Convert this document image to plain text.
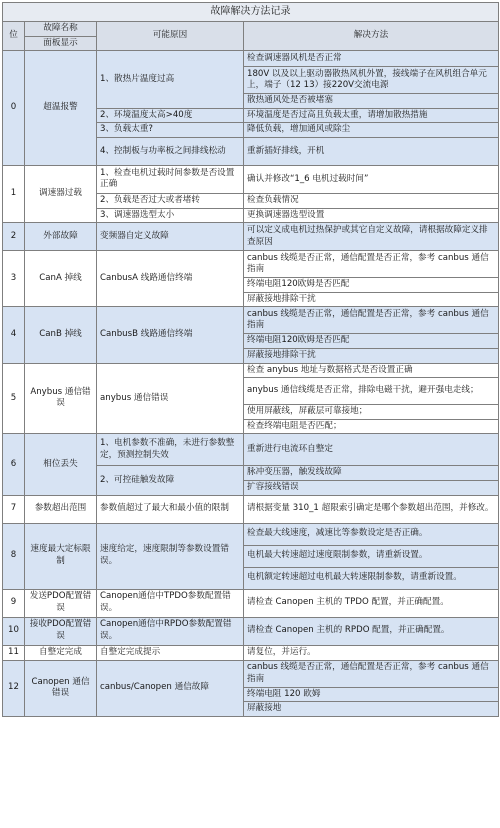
故障解决方法记录			
位	故障名称	可能原因	解决方法
	面板显示		
0	超温报警	1、散热片温度过高	检查调速器风机是否正常
			180V 以及以上驱动器散热风机外置，接线端子在风机组合单元上，端子（12 13）接220V交流电源
			散热通风处是否被堵塞
		2、环境温度太高>40度	环境温度是否过高且负载太重，请增加散热措施
		3、负载太重?	降低负载，增加通风或除尘
		4、控制板与功率板之间排线松动	重新插好排线，开机
1	调速器过载	1、检查电机过载时间参数是否设置正确	确认并修改“1_6 电机过载时间”
		2、负载是否过大或者堵转	检查负载情况
		3、调速器选型太小	更换调速器选型设置
2	外部故障	变频器自定义故障	可以定义成电机过热保护或其它自定义故障，请根据故障定义排查原因
3	CanA 掉线	CanbusA 线路通信终端	canbus 线缆是否正常，通信配置是否正常，参考 canbus 通信指南
			终端电阻120欧姆是否匹配
			屏蔽接地排除干扰
4	CanB 掉线	CanbusB 线路通信终端	canbus 线缆是否正常，通信配置是否正常，参考 canbus 通信指南
			终端电阻120欧姆是否匹配
			屏蔽接地排除干扰
5	Anybus 通信错误	anybus 通信错误	检查 anybus 地址与数据格式是否设置正确
			anybus 通信线缆是否正常，排除电磁干扰，避开强电走线；
			使用屏蔽线，屏蔽层可靠接地；
			检查终端电阻是否匹配；
6	相位丢失	1、电机参数不准确，未进行参数整定，预测控制失效	重新进行电流环自整定
		2、可控硅触发故障	脉冲变压器，触发线故障
			扩容接线错误
7	参数超出范围	参数值超过了最大和最小值的限制	请根据变量 310_1 超限索引确定是哪个参数超出范围，并修改。
8	速度最大定标限制	速度给定，速度限制等参数设置错误。	检查最大线速度，减速比等参数设定是否正确。
			电机最大转速超过速度限制参数，请重新设置。
			电机额定转速超过电机最大转速限制参数，请重新设置。
9	发送PDO配置错误	Canopen通信中TPDO参数配置错误。	请检查 Canopen 主机的 TPDO 配置，并正确配置。
10	接收PDO配置错误	Canopen通信中RPDO参数配置错误。	请检查 Canopen 主机的 RPDO 配置，并正确配置。
11	自整定完成	自整定完成提示	请复位，并运行。
12	Canopen 通信错误	canbus/Canopen 通信故障	canbus 线缆是否正常，通信配置是否正常，参考 canbus 通信指南
			终端电阻 120 欧姆
			屏蔽接地
